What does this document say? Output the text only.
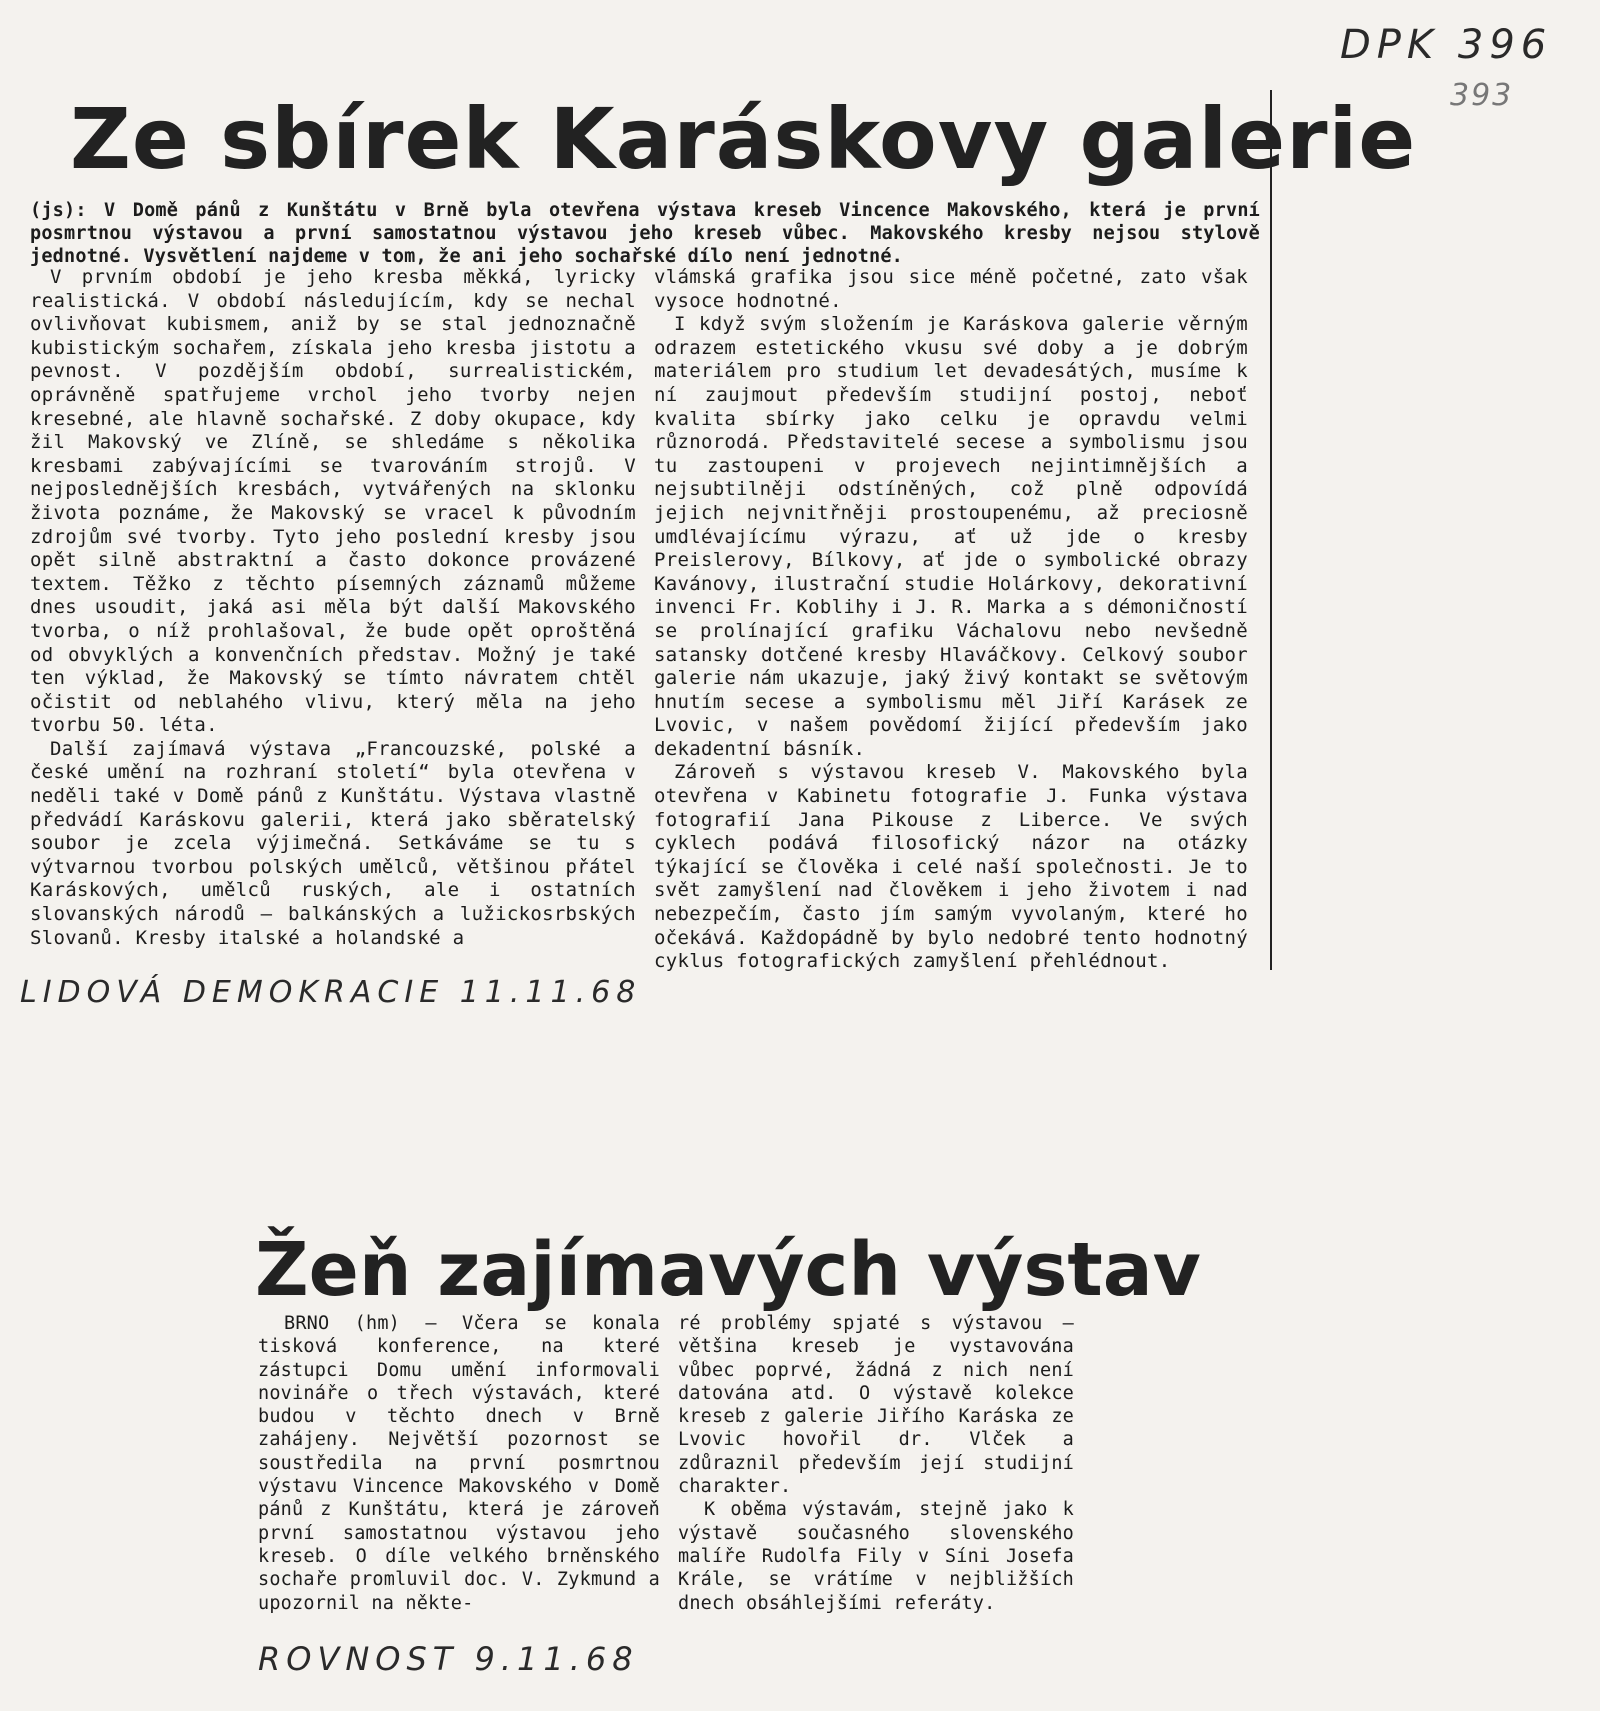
DPK 396
393
Ze sbírek Karáskovy galerie

(js): V Domě pánů z Kunštátu v Brně byla otevřena výstava kreseb Vincence Makovského, která je první posmrtnou výstavou a první samostatnou výstavou jeho kreseb vůbec. Makovského kresby nejsou stylově jednotné. Vysvětlení najdeme v tom, že ani jeho sochařské dílo není jednotné.

V prvním období je jeho kresba měkká, lyricky realistická. V období následujícím, kdy se nechal ovlivňovat kubismem, aniž by se stal jednoznačně kubistickým sochařem, získala jeho kresba jistotu a pevnost. V pozdějším období, surrealistickém, oprávněně spatřujeme vrchol jeho tvorby nejen kresebné, ale hlavně sochařské. Z doby okupace, kdy žil Makovský ve Zlíně, se shledáme s několika kresbami zabývajícími se tvarováním strojů. V nejposlednějších kresbách, vytvářených na sklonku života poznáme, že Makovský se vracel k původním zdrojům své tvorby. Tyto jeho poslední kresby jsou opět silně abstraktní a často dokonce provázené textem. Těžko z těchto písemných záznamů můžeme dnes usoudit, jaká asi měla být další Makovského tvorba, o níž prohlašoval, že bude opět oproštěná od obvyklých a konvenčních představ. Možný je také ten výklad, že Makovský se tímto návratem chtěl očistit od neblahého vlivu, který měla na jeho tvorbu 50. léta.

Další zajímavá výstava „Francouzské, polské a české umění na rozhraní století“ byla otevřena v neděli také v Domě pánů z Kunštátu. Výstava vlastně předvádí Karáskovu galerii, která jako sběratelský soubor je zcela výjimečná. Setkáváme se tu s výtvarnou tvorbou polských umělců, většinou přátel Karáskových, umělců ruských, ale i ostatních slovanských národů — balkánských a lužickosrbských Slovanů. Kresby italské a holandské a

vlámská grafika jsou sice méně početné, zato však vysoce hodnotné.

I když svým složením je Karáskova galerie věrným odrazem estetického vkusu své doby a je dobrým materiálem pro studium let devadesátých, musíme k ní zaujmout především studijní postoj, neboť kvalita sbírky jako celku je opravdu velmi různorodá. Představitelé secese a symbolismu jsou tu zastoupeni v projevech nejintimnějších a nejsubtilněji odstíněných, což plně odpovídá jejich nejvnitřněji prostoupenému, až preciosně umdlévajícímu výrazu, ať už jde o kresby Preislerovy, Bílkovy, ať jde o symbolické obrazy Kavánovy, ilustrační studie Holárkovy, dekorativní invenci Fr. Koblihy i J. R. Marka a s démoničností se prolínající grafiku Váchalovu nebo nevšedně satansky dotčené kresby Hlaváčkovy. Celkový soubor galerie nám ukazuje, jaký živý kontakt se světovým hnutím secese a symbolismu měl Jiří Karásek ze Lvovic, v našem povědomí žijící především jako dekadentní básník.

Zároveň s výstavou kreseb V. Makovského byla otevřena v Kabinetu fotografie J. Funka výstava fotografií Jana Pikouse z Liberce. Ve svých cyklech podává filosofický názor na otázky týkající se člověka i celé naší společnosti. Je to svět zamyšlení nad člověkem i jeho životem i nad nebezpečím, často jím samým vyvolaným, které ho očekává. Každopádně by bylo nedobré tento hodnotný cyklus fotografických zamyšlení přehlédnout.

LIDOVÁ DEMOKRACIE 11.11.68
Žeň zajímavých výstav

BRNO (hm) — Včera se konala tisková konference, na které zástupci Domu umění informovali novináře o třech výstavách, které budou v těchto dnech v Brně zahájeny. Největší pozornost se soustředila na první posmrtnou výstavu Vincence Makovského v Domě pánů z Kunštátu, která je zároveň první samostatnou výstavou jeho kreseb. O díle velkého brněnského sochaře promluvil doc. V. Zykmund a upozornil na někte-

ré problémy spjaté s výstavou — většina kreseb je vystavována vůbec poprvé, žádná z nich není datována atd. O výstavě kolekce kreseb z galerie Jiřího Karáska ze Lvovic hovořil dr. Vlček a zdůraznil především její studijní charakter.

K oběma výstavám, stejně jako k výstavě současného slovenského malíře Rudolfa Fily v Síni Josefa Krále, se vrátíme v nejbližších dnech obsáhlejšími referáty.

ROVNOST 9.11.68
